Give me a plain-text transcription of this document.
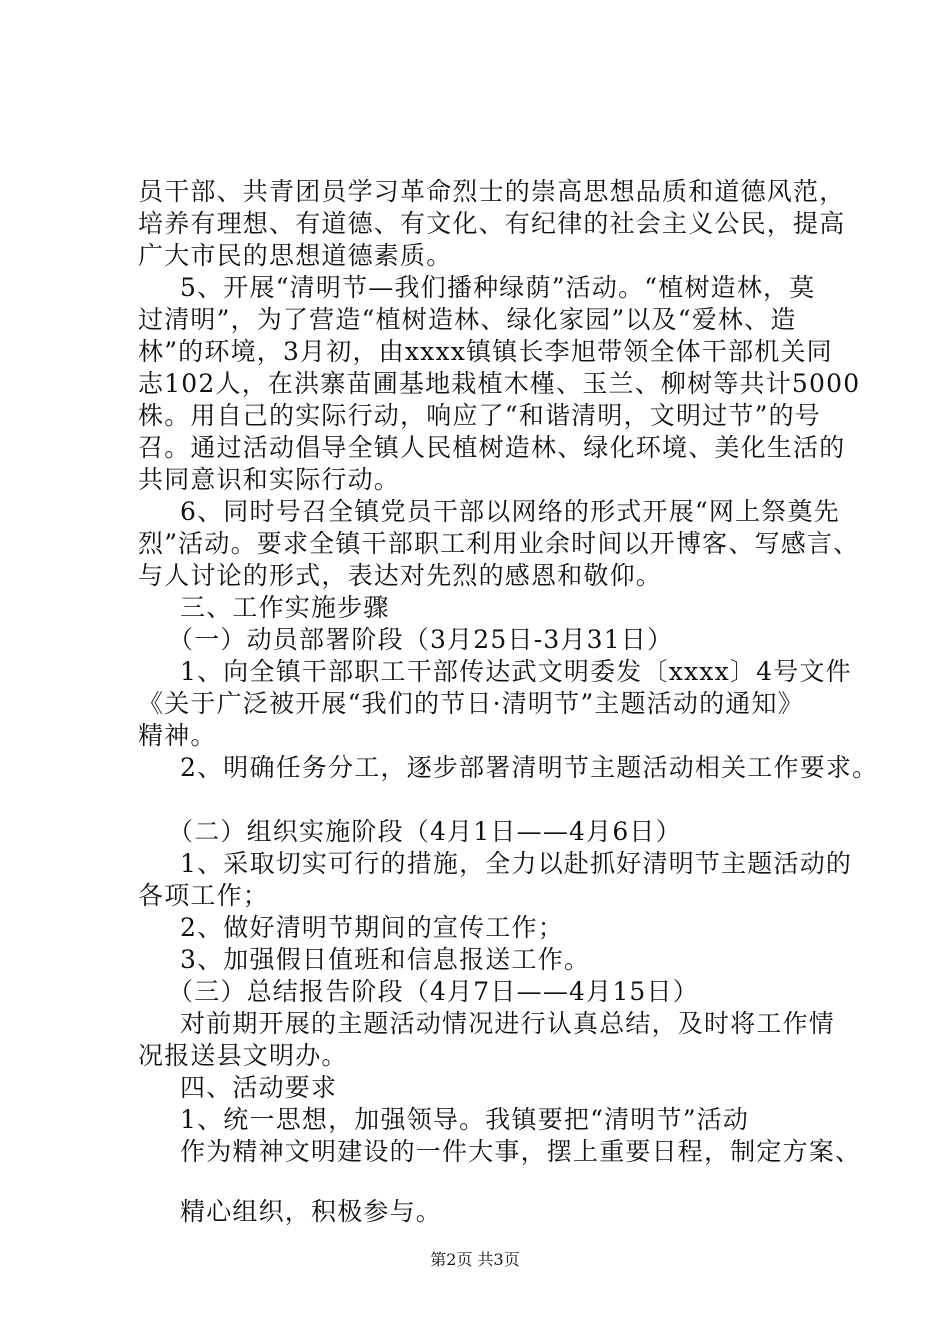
员干部、共青团员学习革命烈士的崇高思想品质和道德风范，
培养有理想、有道德、有文化、有纪律的社会主义公民，提高
广大市民的思想道德素质。
5、开展“清明节—我们播种绿荫”活动。“植树造林，莫
过清明”，为了营造“植树造林、绿化家园”以及“爱林、造
林”的环境，3月初，由xxxx镇镇长李旭带领全体干部机关同
志102人，在洪寨苗圃基地栽植木槿、玉兰、柳树等共计5000
株。用自己的实际行动，响应了“和谐清明，文明过节”的号
召。通过活动倡导全镇人民植树造林、绿化环境、美化生活的
共同意识和实际行动。
6、同时号召全镇党员干部以网络的形式开展“网上祭奠先
烈”活动。要求全镇干部职工利用业余时间以开博客、写感言、
与人讨论的形式，表达对先烈的感恩和敬仰。
三、工作实施步骤
（一）动员部署阶段（3月25日-3月31日）
1、向全镇干部职工干部传达武文明委发〔xxxx〕4号文件
《关于广泛被开展“我们的节日·清明节”主题活动的通知》
精神。
2、明确任务分工，逐步部署清明节主题活动相关工作要求。
（二）组织实施阶段（4月1日——4月6日）
1、采取切实可行的措施，全力以赴抓好清明节主题活动的
各项工作；
2、做好清明节期间的宣传工作；
3、加强假日值班和信息报送工作。
（三）总结报告阶段（4月7日——4月15日）
对前期开展的主题活动情况进行认真总结，及时将工作情
况报送县文明办。
四、活动要求
1、统一思想，加强领导。我镇要把“清明节”活动
作为精神文明建设的一件大事，摆上重要日程，制定方案、
精心组织，积极参与。
第2页 共3页
